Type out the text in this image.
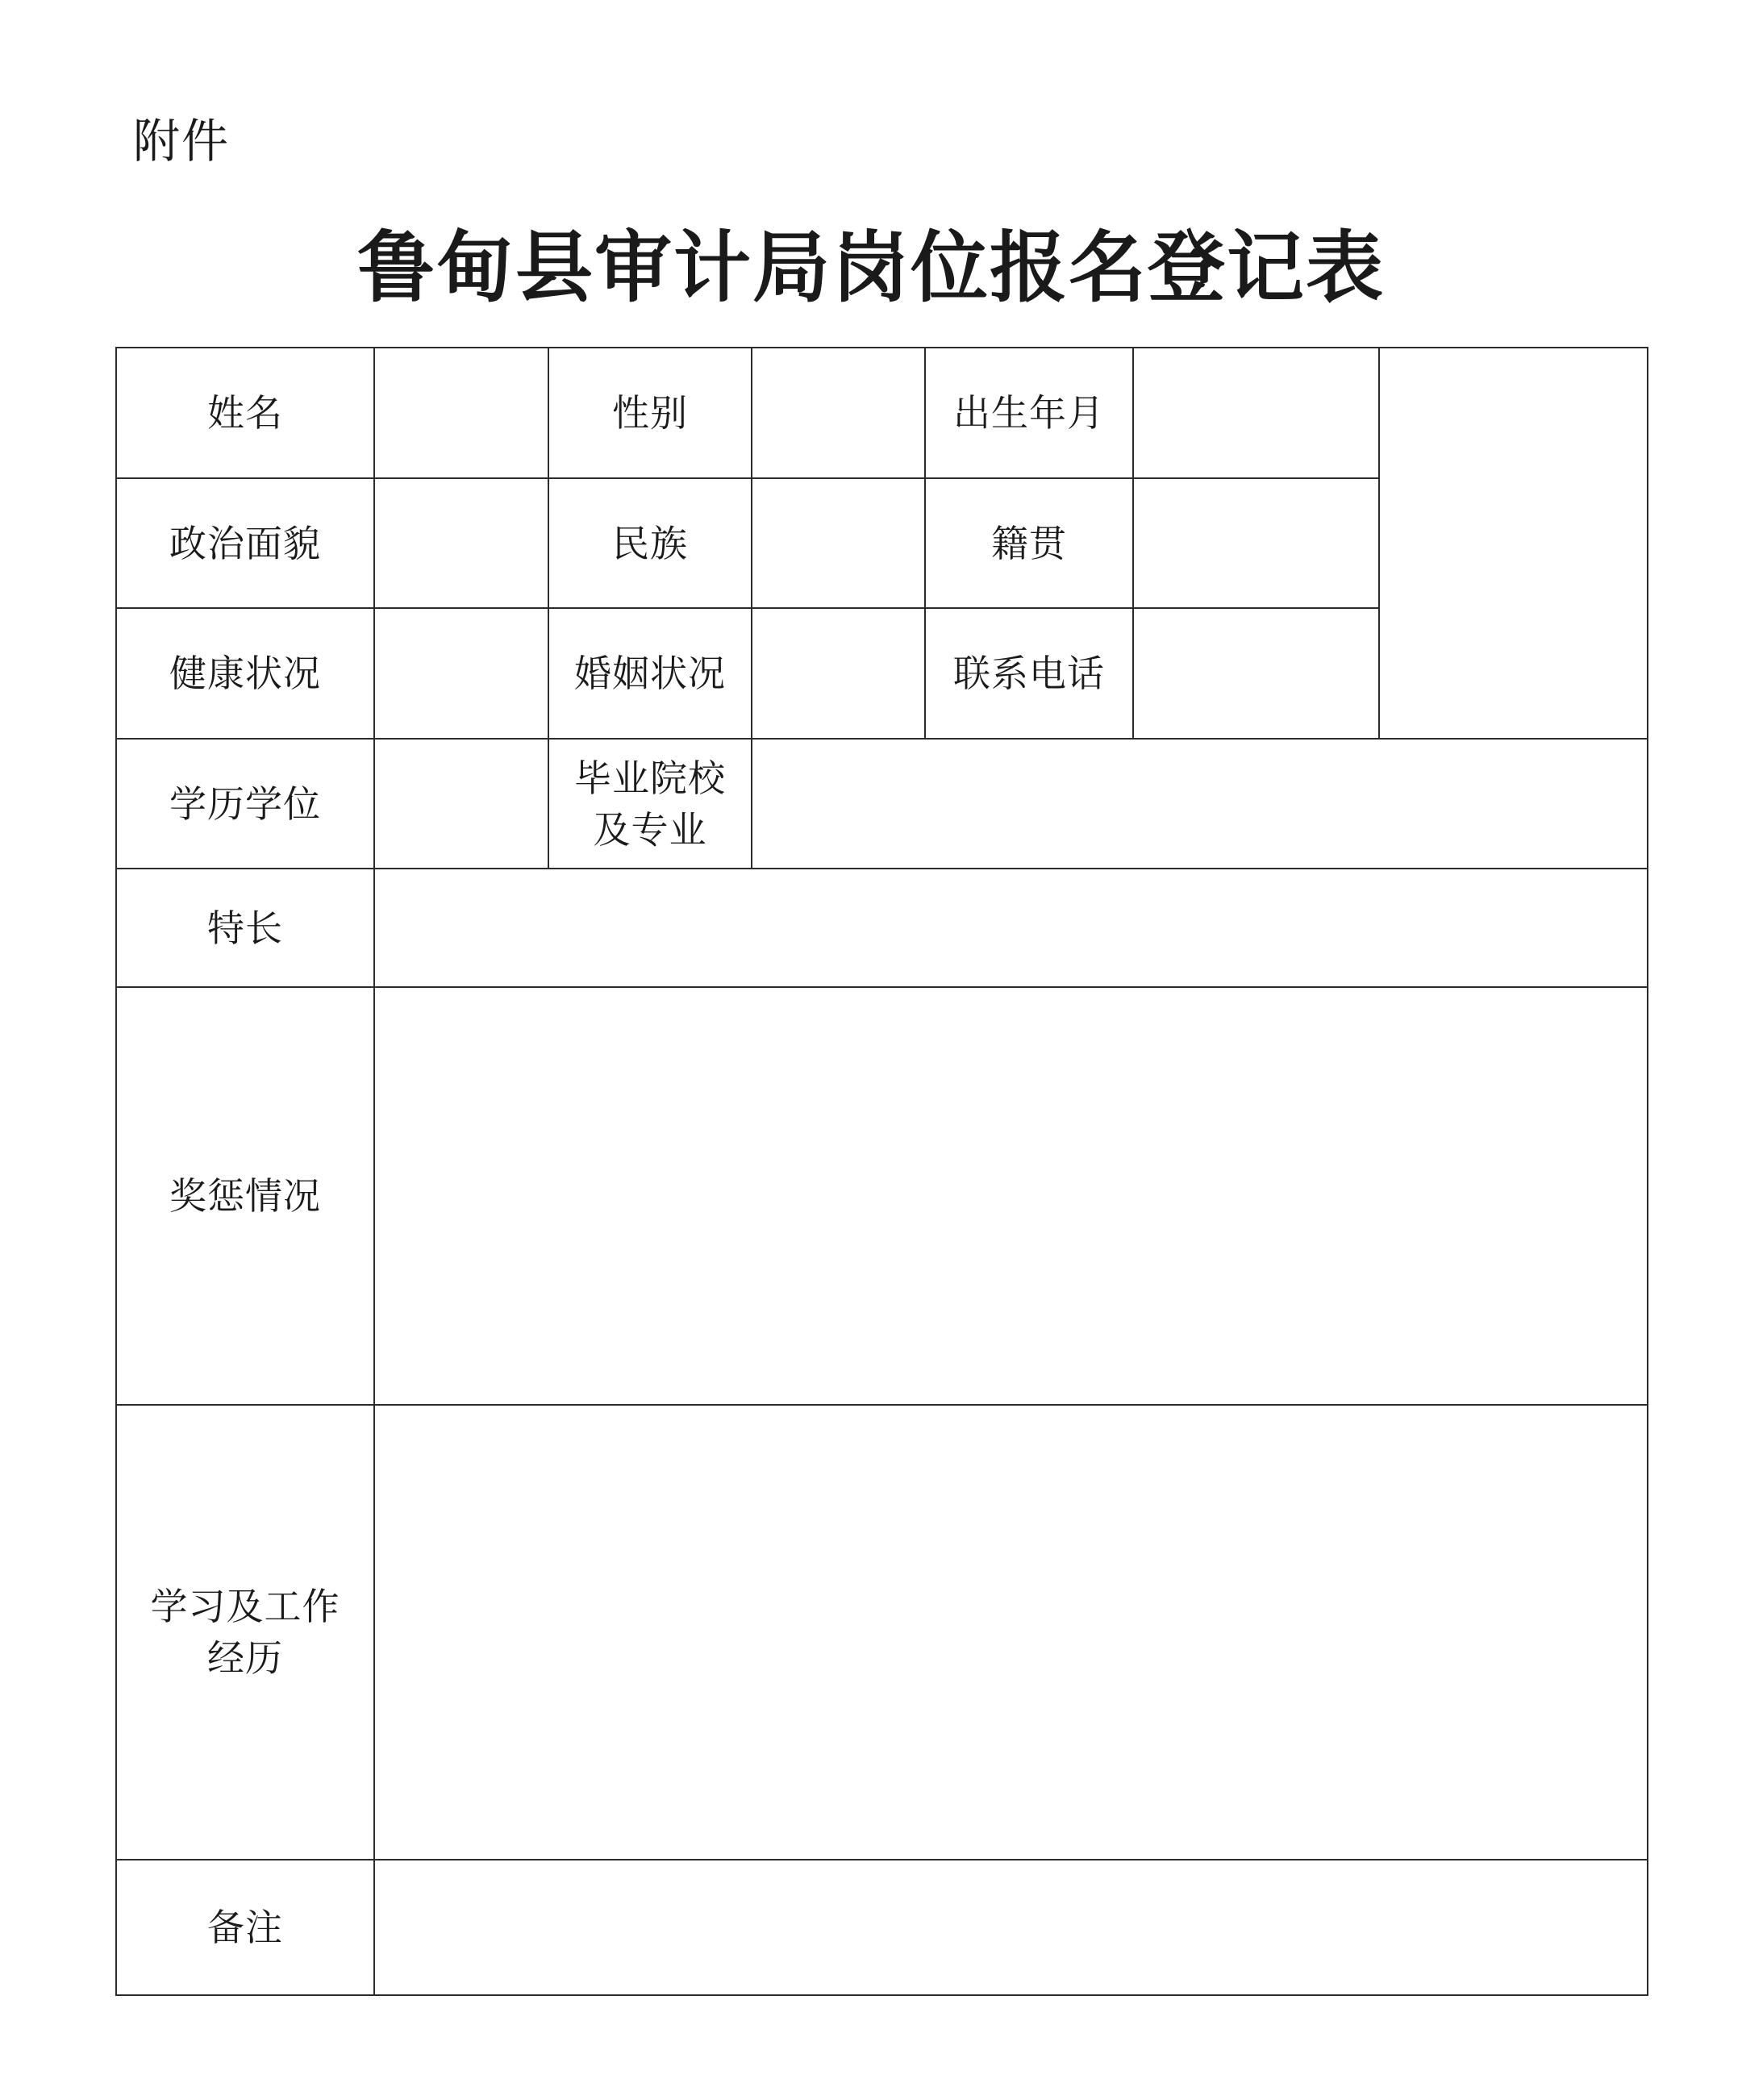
附件
鲁甸县审计局岗位报名登记表
姓名		性别		出生年月		
政治面貌		民族		籍贯		
健康状况		婚姻状况		联系电话		
学历学位		毕业院校
及专业				

特长						
奖惩情况						

学习及工作
经历						

备注						
